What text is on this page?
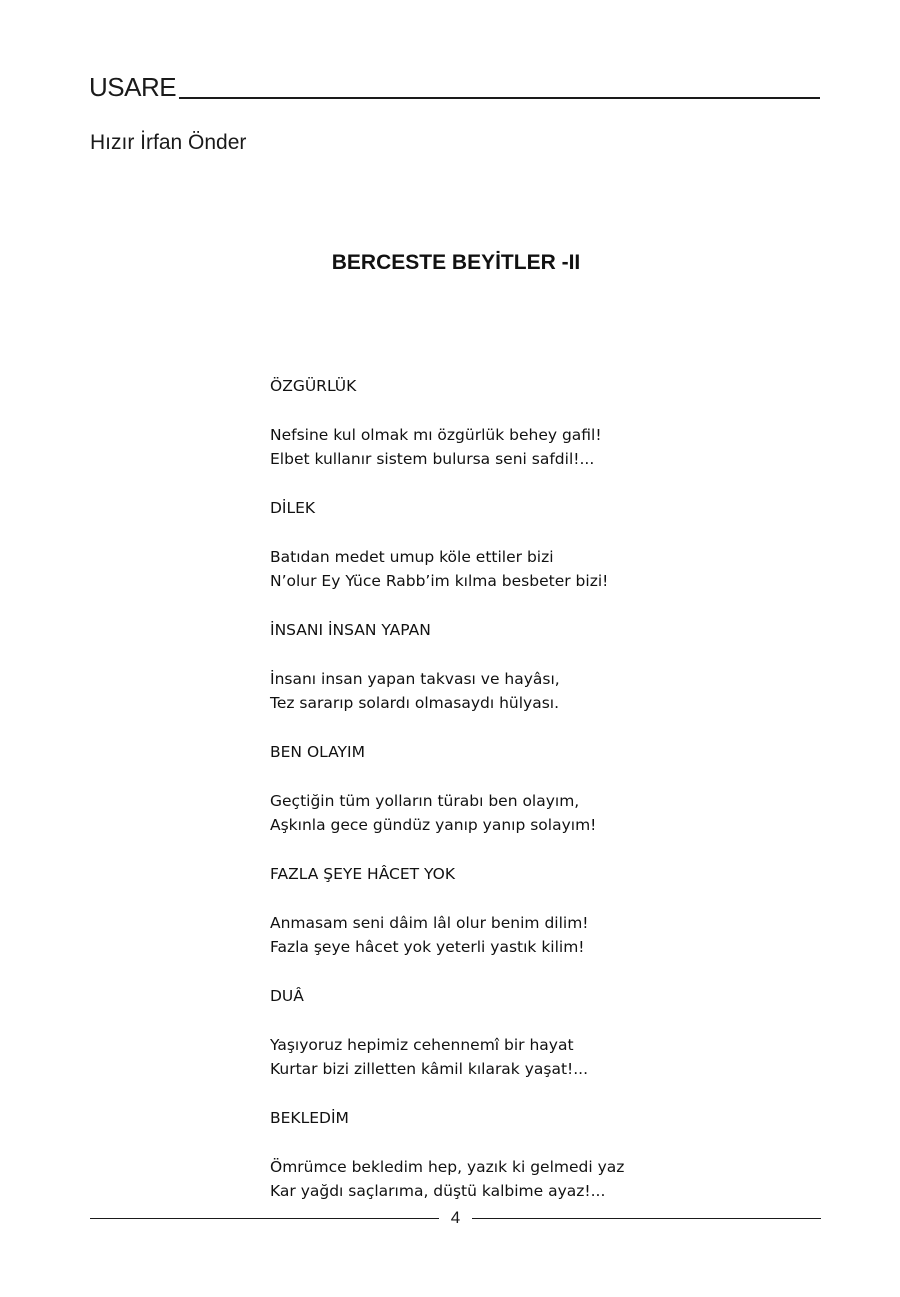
USARE
Hızır İrfan Önder
BERCESTE BEYİTLER -II
ÖZGÜRLÜK
Nefsine kul olmak mı özgürlük behey gafil!
Elbet kullanır sistem bulursa seni safdil!...
DİLEK
Batıdan medet umup köle ettiler bizi
N’olur Ey Yüce Rabb’im kılma besbeter bizi!
İNSANI İNSAN YAPAN
İnsanı insan yapan takvası ve hayâsı,
Tez sararıp solardı olmasaydı hülyası.
BEN OLAYIM
Geçtiğin tüm yolların türabı ben olayım,
Aşkınla gece gündüz yanıp yanıp solayım!
FAZLA ŞEYE HÂCET YOK
Anmasam seni dâim lâl olur benim dilim!
Fazla şeye hâcet yok yeterli yastık kilim!
DUÂ
Yaşıyoruz hepimiz cehennemî bir hayat
Kurtar bizi zilletten kâmil kılarak yaşat!...
BEKLEDİM
Ömrümce bekledim hep, yazık ki gelmedi yaz
Kar yağdı saçlarıma, düştü kalbime ayaz!...
4
